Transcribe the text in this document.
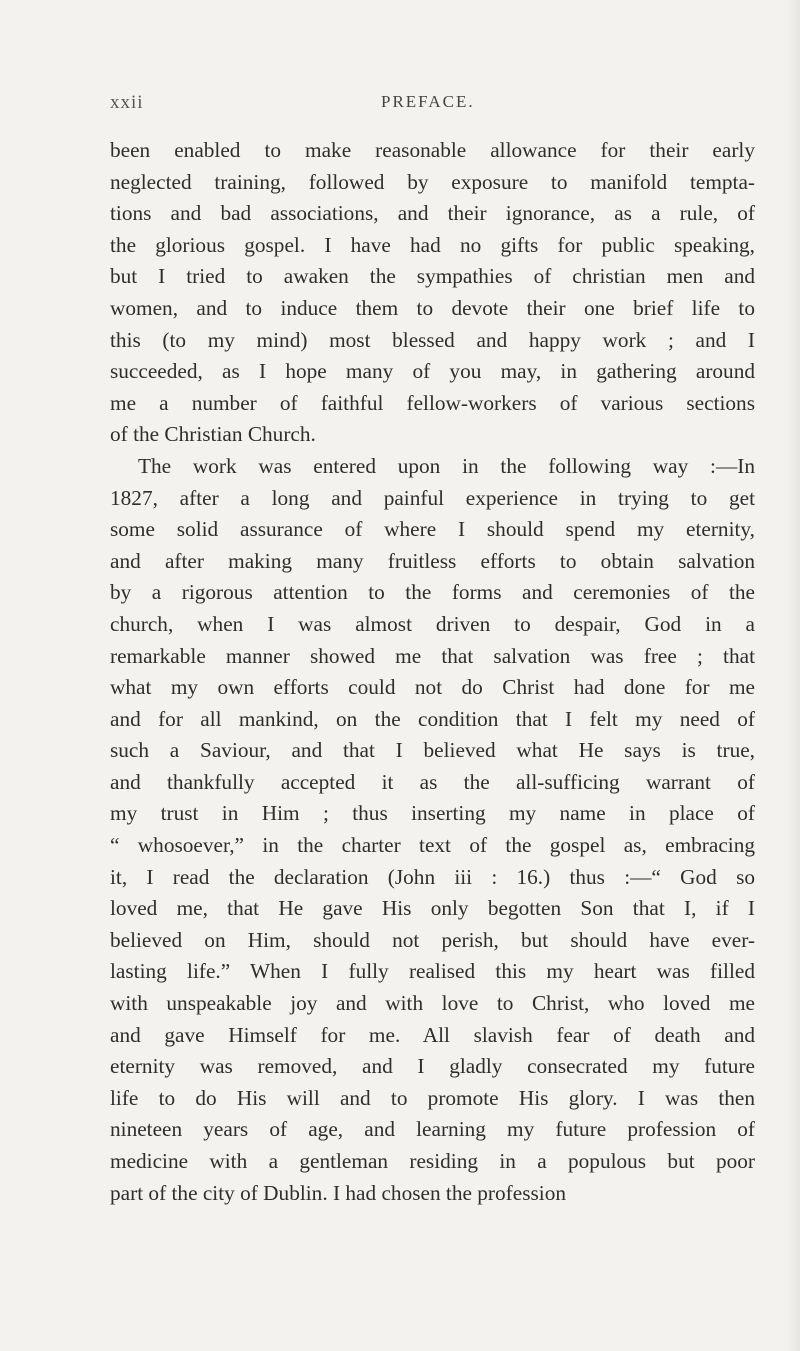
xxii	PREFACE.
been enabled to make reasonable allowance for their early
neglected training, followed by exposure to manifold tempta-
tions and bad associations, and their ignorance, as a rule, of
the glorious gospel. I have had no gifts for public speaking,
but I tried to awaken the sympathies of christian men and
women, and to induce them to devote their one brief life to
this (to my mind) most blessed and happy work ; and I
succeeded, as I hope many of you may, in gathering around
me a number of faithful fellow-workers of various sections
of the Christian Church.
The work was entered upon in the following way :—In
1827, after a long and painful experience in trying to get
some solid assurance of where I should spend my eternity,
and after making many fruitless efforts to obtain salvation
by a rigorous attention to the forms and ceremonies of the
church, when I was almost driven to despair, God in a
remarkable manner showed me that salvation was free ; that
what my own efforts could not do Christ had done for me
and for all mankind, on the condition that I felt my need of
such a Saviour, and that I believed what He says is true,
and thankfully accepted it as the all-sufficing warrant of
my trust in Him ; thus inserting my name in place of
“ whosoever,” in the charter text of the gospel as, embracing
it, I read the declaration (John iii : 16.) thus :—“ God so
loved me, that He gave His only begotten Son that I, if I
believed on Him, should not perish, but should have ever-
lasting life.” When I fully realised this my heart was filled
with unspeakable joy and with love to Christ, who loved me
and gave Himself for me. All slavish fear of death and
eternity was removed, and I gladly consecrated my future
life to do His will and to promote His glory. I was then
nineteen years of age, and learning my future profession of
medicine with a gentleman residing in a populous but poor
part of the city of Dublin. I had chosen the profession
